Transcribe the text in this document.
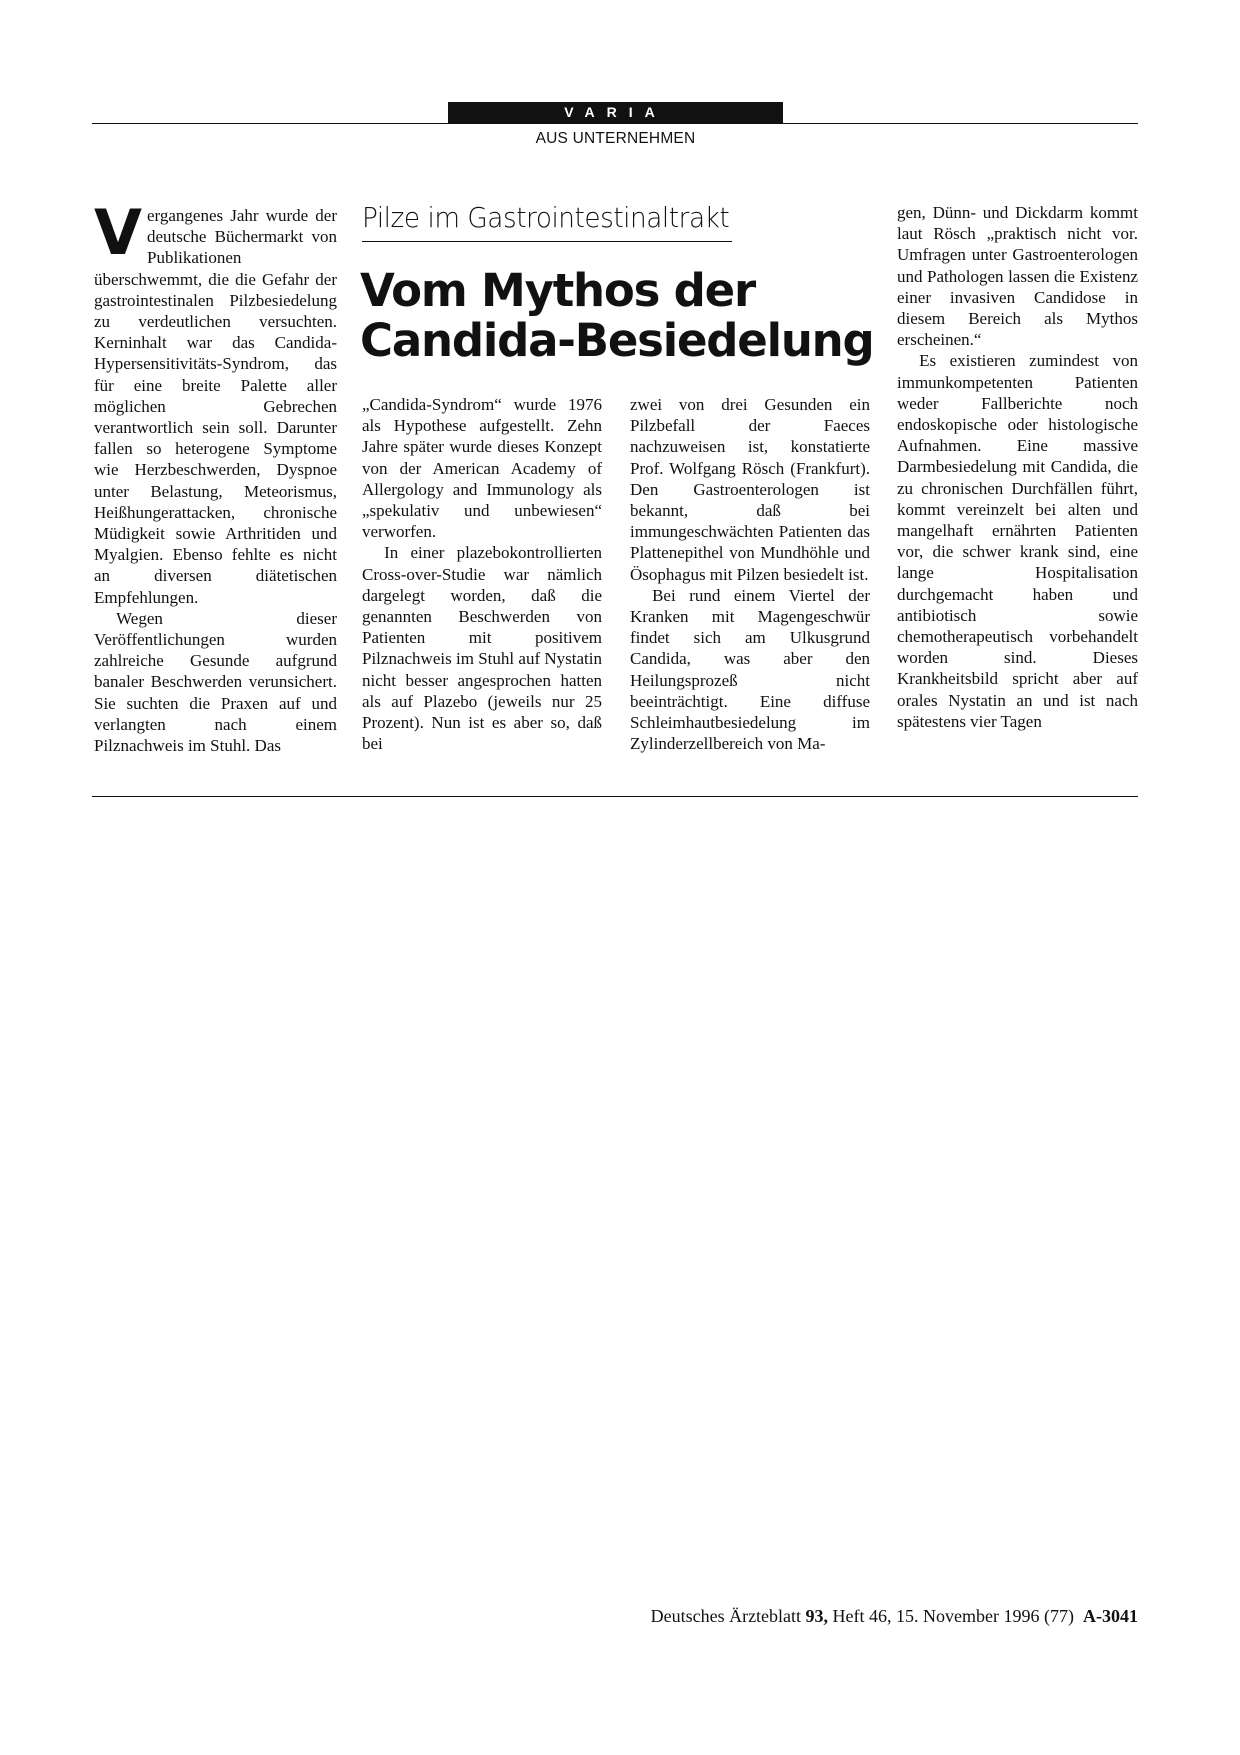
VARIA
AUS UNTERNEHMEN
Pilze im Gastrointestinaltrakt
Vom Mythos der
Candida-Besiedelung

Vergangenes Jahr wurde der deutsche Büchermarkt von Publikationen überschwemmt, die die Gefahr der gastrointestinalen Pilzbesiedelung zu verdeutlichen versuchten. Kerninhalt war das Candida-Hypersensitivitäts-Syndrom, das für eine breite Palette aller möglichen Gebrechen verantwortlich sein soll. Darunter fallen so heterogene Symptome wie Herzbeschwerden, Dyspnoe unter Belastung, Meteorismus, Heißhungerattacken, chronische Müdigkeit sowie Arthritiden und Myalgien. Ebenso fehlte es nicht an diversen diätetischen Empfehlungen.

Wegen dieser Veröffentlichungen wurden zahlreiche Gesunde aufgrund banaler Beschwerden verunsichert. Sie suchten die Praxen auf und verlangten nach einem Pilznachweis im Stuhl. Das

„Candida-Syndrom“ wurde 1976 als Hypothese aufgestellt. Zehn Jahre später wurde dieses Konzept von der American Academy of Allergology and Immunology als „spekulativ und unbewiesen“ verworfen.

In einer plazebokontrollierten Cross-over-Studie war nämlich dargelegt worden, daß die genannten Beschwerden von Patienten mit positivem Pilznachweis im Stuhl auf Nystatin nicht besser angesprochen hatten als auf Plazebo (jeweils nur 25 Prozent). Nun ist es aber so, daß bei

zwei von drei Gesunden ein Pilzbefall der Faeces nachzuweisen ist, konstatierte Prof. Wolfgang Rösch (Frankfurt). Den Gastroenterologen ist bekannt, daß bei immungeschwächten Patienten das Plattenepithel von Mundhöhle und Ösophagus mit Pilzen besiedelt ist.

Bei rund einem Viertel der Kranken mit Magengeschwür findet sich am Ulkusgrund Candida, was aber den Heilungsprozeß nicht beeinträchtigt. Eine diffuse Schleimhautbesiedelung im Zylinderzellbereich von Ma-

gen, Dünn- und Dickdarm kommt laut Rösch „praktisch nicht vor. Umfragen unter Gastroenterologen und Pathologen lassen die Existenz einer invasiven Candidose in diesem Bereich als Mythos erscheinen.“

Es existieren zumindest von immunkompetenten Patienten weder Fallberichte noch endoskopische oder histologische Aufnahmen. Eine massive Darmbesiedelung mit Candida, die zu chronischen Durchfällen führt, kommt vereinzelt bei alten und mangelhaft ernährten Patienten vor, die schwer krank sind, eine lange Hospitalisation durchgemacht haben und antibiotisch sowie chemotherapeutisch vorbehandelt worden sind. Dieses Krankheitsbild spricht aber auf orales Nystatin an und ist nach spätestens vier Tagen

Deutsches Ärzteblatt 93, Heft 46, 15. November 1996 (77) A-3041
